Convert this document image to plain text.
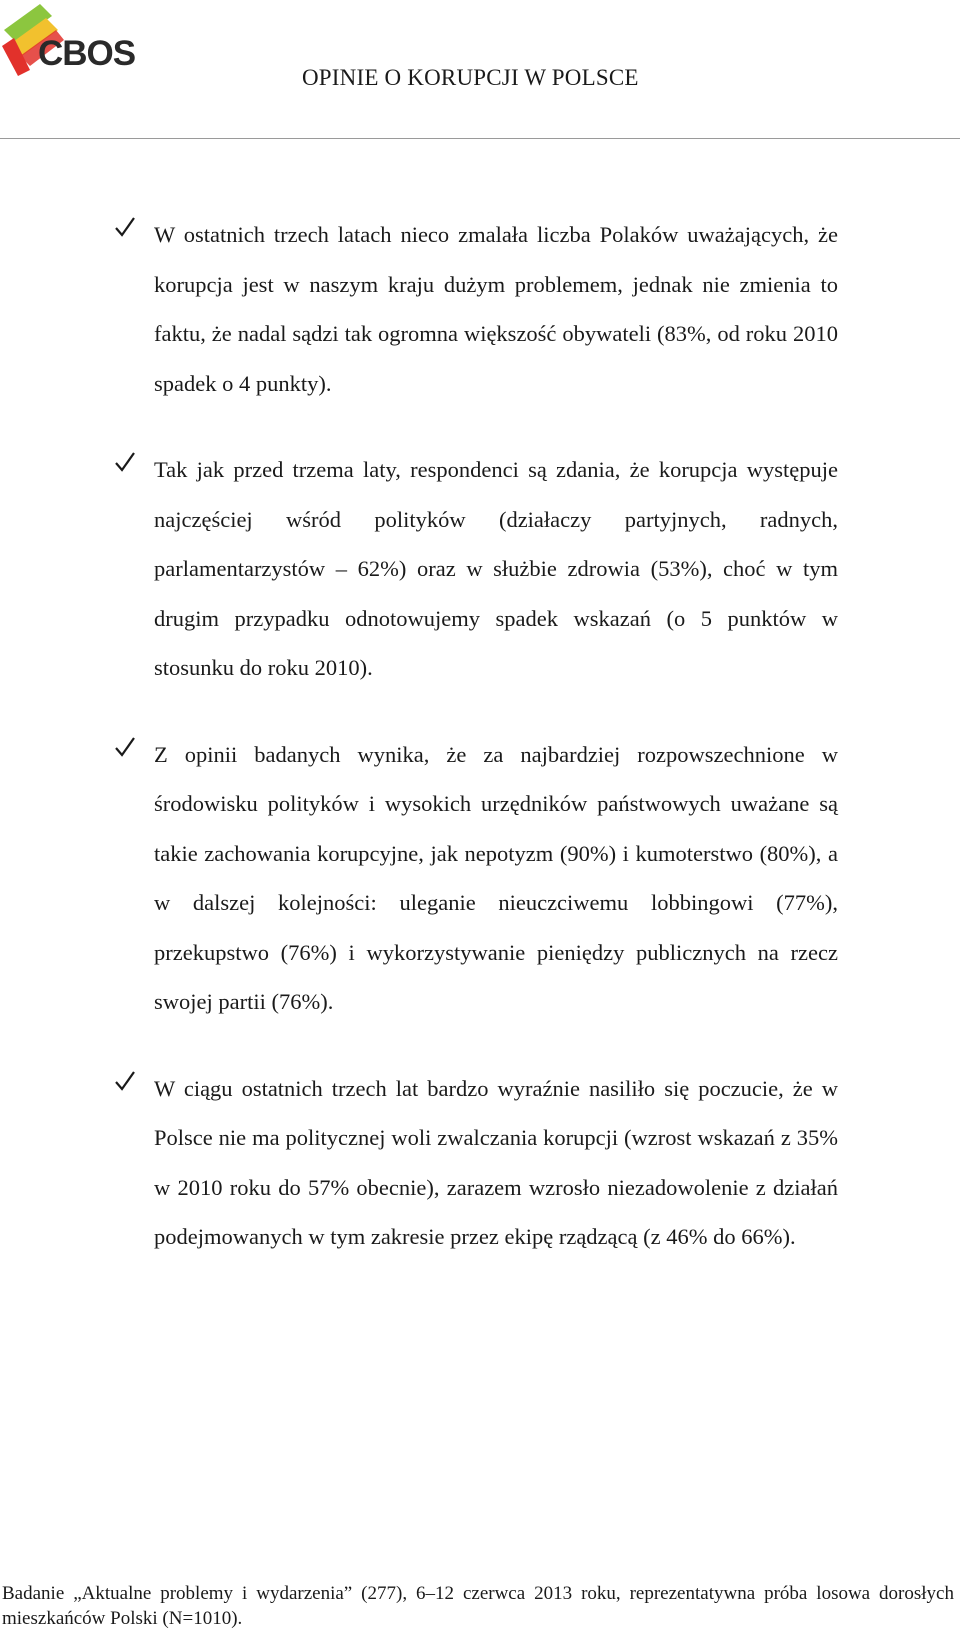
CBOS
OPINIE O KORUPCJI W POLSCE

W ostatnich trzech latach nieco zmalała liczba Polaków uważających, że korupcja jest w naszym kraju dużym problemem, jednak nie zmienia to faktu, że nadal sądzi tak ogromna większość obywateli (83%, od roku 2010 spadek o 4 punkty).

Tak jak przed trzema laty, respondenci są zdania, że korupcja występuje najczęściej wśród polityków (działaczy partyjnych, radnych, parlamentarzystów – 62%) oraz w służbie zdrowia (53%), choć w tym drugim przypadku odnotowujemy spadek wskazań (o 5 punktów w stosunku do roku 2010).

Z opinii badanych wynika, że za najbardziej rozpowszechnione w środowisku polityków i wysokich urzędników państwowych uważane są takie zachowania korupcyjne, jak nepotyzm (90%) i kumoterstwo (80%), a w dalszej kolejności: uleganie nieuczciwemu lobbingowi (77%), przekupstwo (76%) i wykorzystywanie pieniędzy publicznych na rzecz swojej partii (76%).

W ciągu ostatnich trzech lat bardzo wyraźnie nasiliło się poczucie, że w Polsce nie ma politycznej woli zwalczania korupcji (wzrost wskazań z 35% w 2010 roku do 57% obecnie), zarazem wzrosło niezadowolenie z działań podejmowanych w tym zakresie przez ekipę rządzącą (z 46% do 66%).

Badanie „Aktualne problemy i wydarzenia” (277), 6–12 czerwca 2013 roku, reprezentatywna próba losowa dorosłych mieszkańców Polski (N=1010).
